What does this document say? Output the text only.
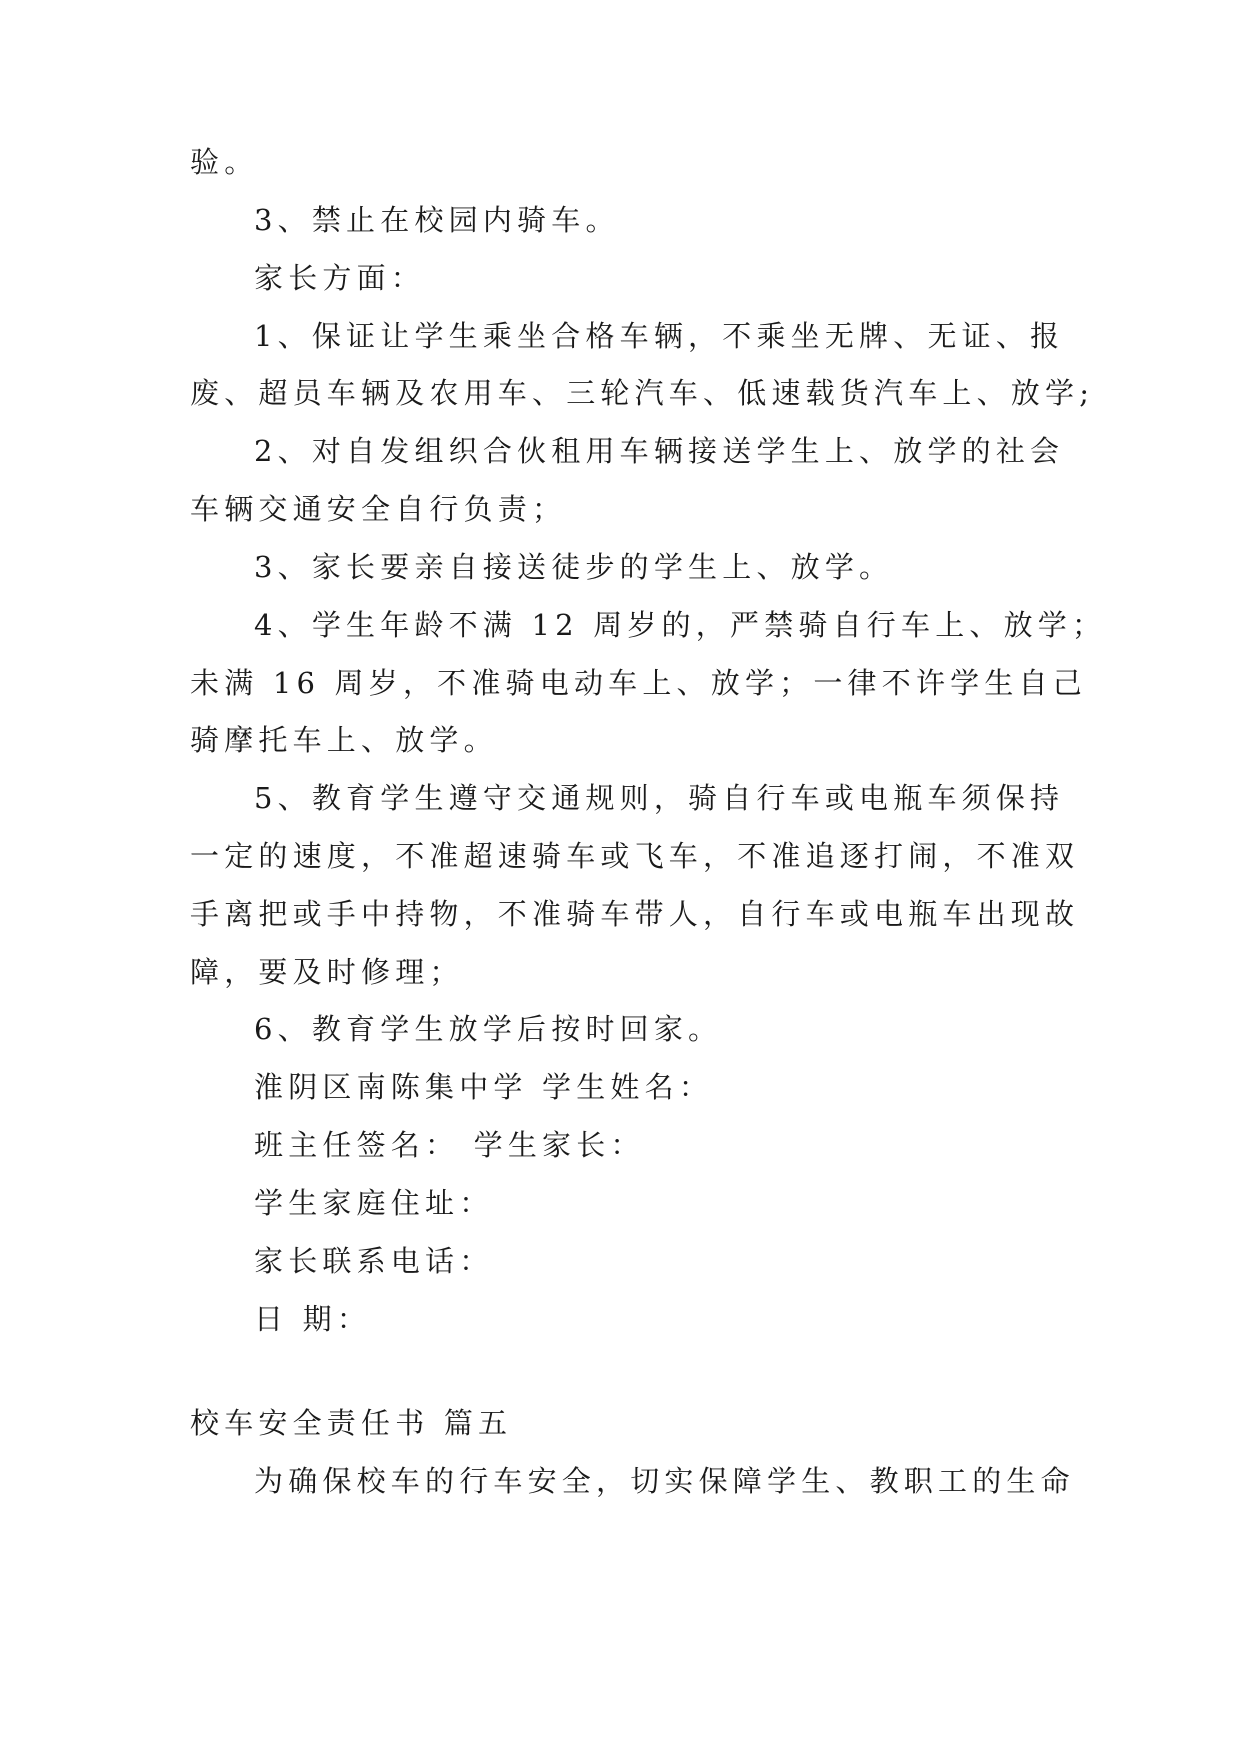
验。
3、禁止在校园内骑车。
家长方面：
1、保证让学生乘坐合格车辆，不乘坐无牌、无证、报
废、超员车辆及农用车、三轮汽车、低速载货汽车上、放学;
2、对自发组织合伙租用车辆接送学生上、放学的社会
车辆交通安全自行负责；
3、家长要亲自接送徒步的学生上、放学。
4、学生年龄不满 12 周岁的，严禁骑自行车上、放学；
未满 16 周岁，不准骑电动车上、放学；一律不许学生自己
骑摩托车上、放学。
5、教育学生遵守交通规则，骑自行车或电瓶车须保持
一定的速度，不准超速骑车或飞车，不准追逐打闹，不准双
手离把或手中持物，不准骑车带人，自行车或电瓶车出现故
障，要及时修理；
6、教育学生放学后按时回家。
淮阴区南陈集中学 学生姓名：
班主任签名： 学生家长：
学生家庭住址：
家长联系电话：
日 期：
校车安全责任书 篇五
为确保校车的行车安全，切实保障学生、教职工的生命
